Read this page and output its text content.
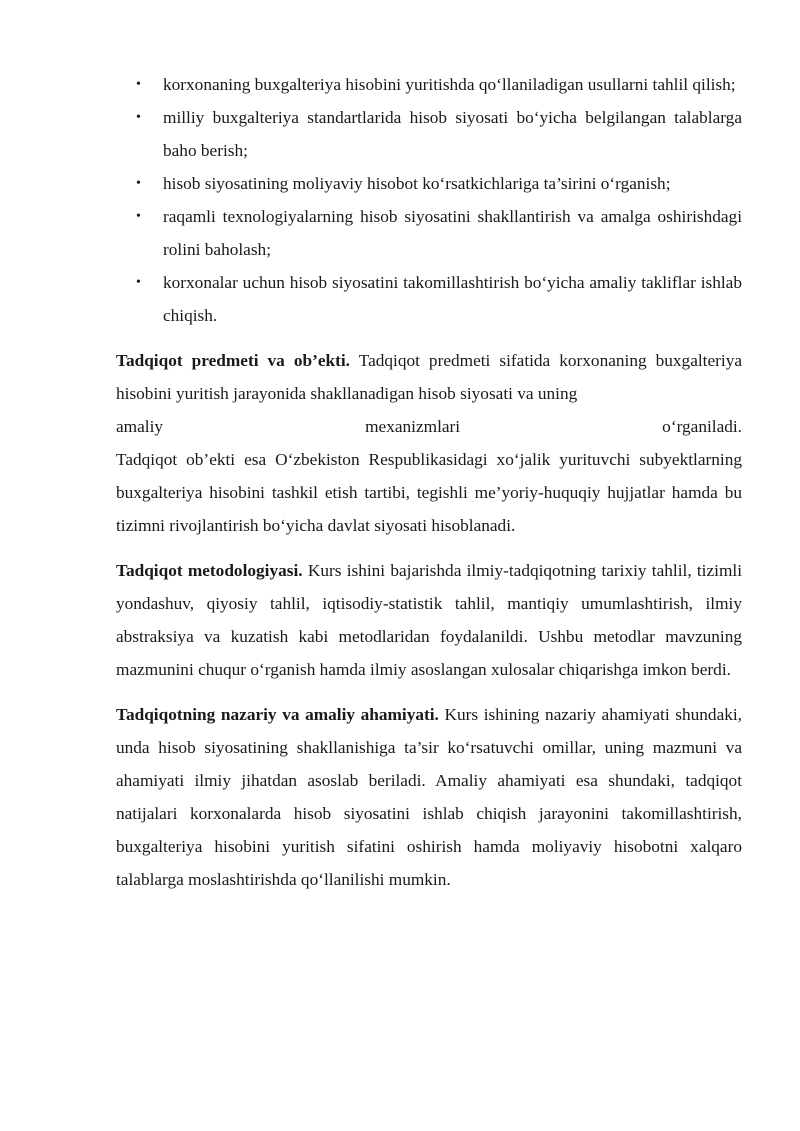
• korxonaning buxgalteriya hisobini yuritishda qo‘llaniladigan usullarni tahlil qilish;
• milliy buxgalteriya standartlarida hisob siyosati bo‘yicha belgilangan talablarga baho berish;
• hisob siyosatining moliyaviy hisobot ko‘rsatkichlariga ta’sirini o‘rganish;
• raqamli texnologiyalarning hisob siyosatini shakllantirish va amalga oshirishdagi rolini baholash;
• korxonalar uchun hisob siyosatini takomillashtirish bo‘yicha amaliy takliflar ishlab chiqish.

Tadqiqot predmeti va ob’ekti. Tadqiqot predmeti sifatida korxonaning buxgalteriya hisobini yuritish jarayonida shakllanadigan hisob siyosati va uning

amaliy	mexanizmlari	o‘rganiladi.

Tadqiqot ob’ekti esa O‘zbekiston Respublikasidagi xo‘jalik yurituvchi subyektlarning buxgalteriya hisobini tashkil etish tartibi, tegishli me’yoriy-huquqiy hujjatlar hamda bu tizimni rivojlantirish bo‘yicha davlat siyosati hisoblanadi.

Tadqiqot metodologiyasi. Kurs ishini bajarishda ilmiy-tadqiqotning tarixiy tahlil, tizimli yondashuv, qiyosiy tahlil, iqtisodiy-statistik tahlil, mantiqiy umumlashtirish, ilmiy abstraksiya va kuzatish kabi metodlaridan foydalanildi. Ushbu metodlar mavzuning mazmunini chuqur o‘rganish hamda ilmiy asoslangan xulosalar chiqarishga imkon berdi.

Tadqiqotning nazariy va amaliy ahamiyati. Kurs ishining nazariy ahamiyati shundaki, unda hisob siyosatining shakllanishiga ta’sir ko‘rsatuvchi omillar, uning mazmuni va ahamiyati ilmiy jihatdan asoslab beriladi. Amaliy ahamiyati esa shundaki, tadqiqot natijalari korxonalarda hisob siyosatini ishlab chiqish jarayonini takomillashtirish, buxgalteriya hisobini yuritish sifatini oshirish hamda moliyaviy hisobotni xalqaro talablarga moslashtirishda qo‘llanilishi mumkin.
